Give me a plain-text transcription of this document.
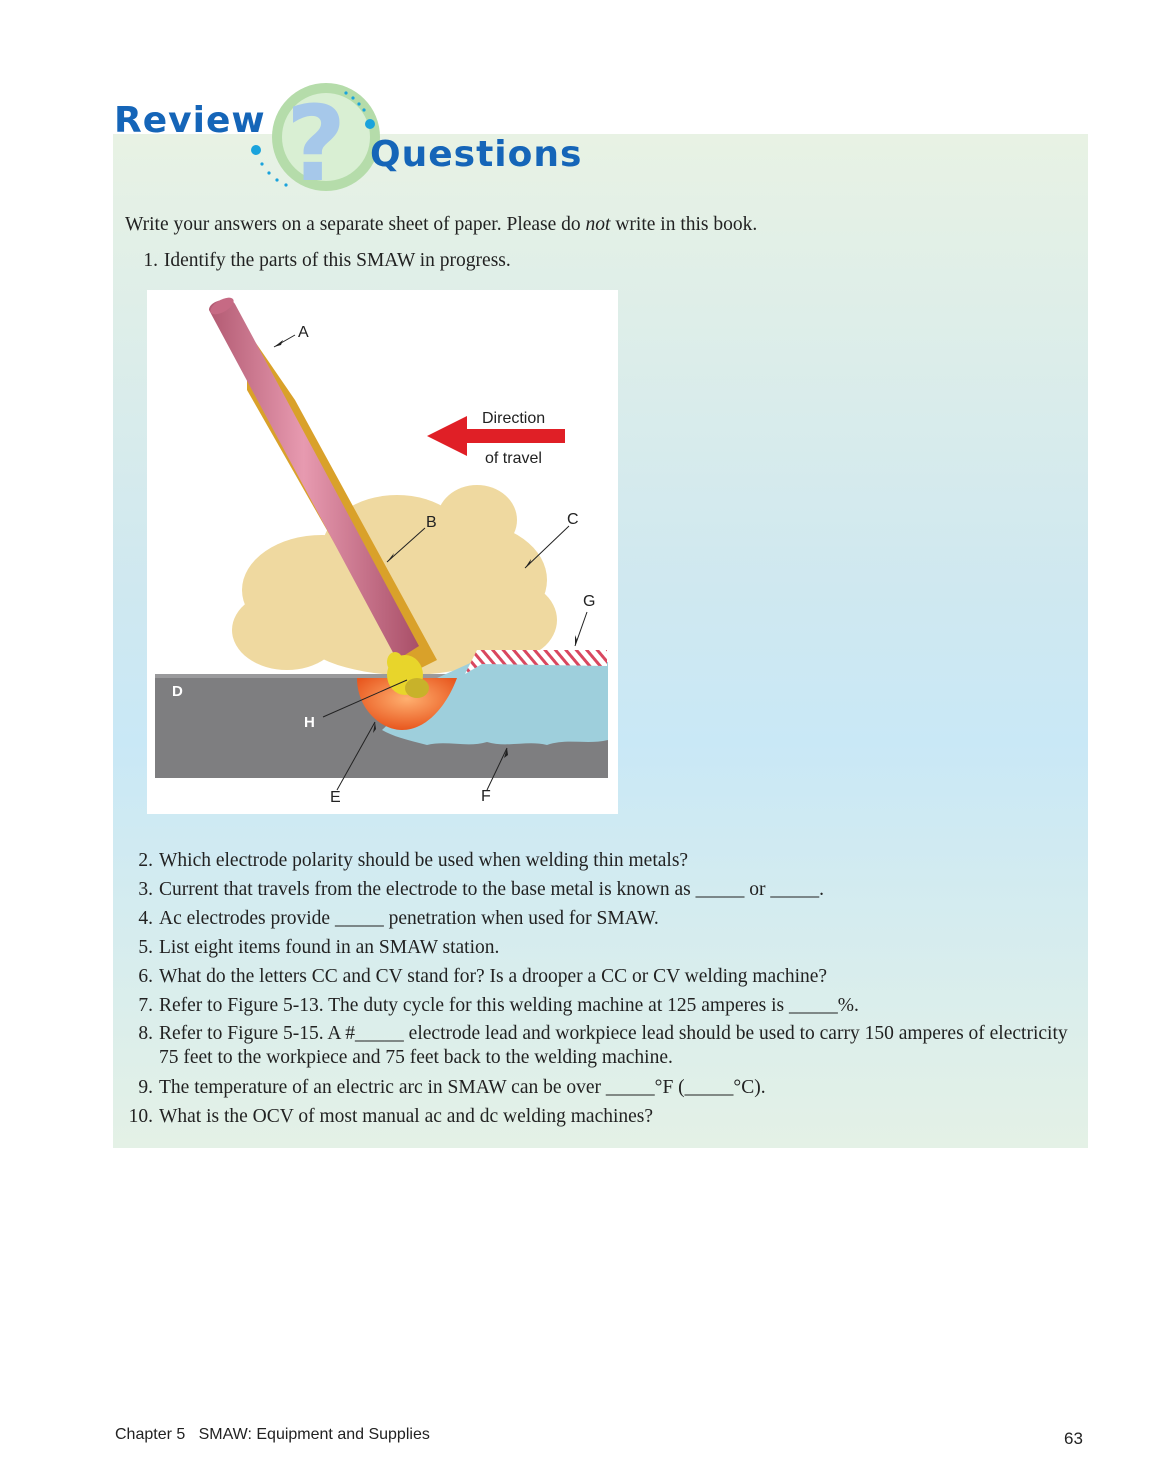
?
Review
Questions
Write your answers on a separate sheet of paper. Please do not write in this book.
1. Identify the parts of this SMAW in progress.
A
B	C
G
D
H
E	F
Direction
of travel
2. Which electrode polarity should be used when welding thin metals?
3. Current that travels from the electrode to the base metal is known as _____ or _____.
4. Ac electrodes provide _____ penetration when used for SMAW.
5. List eight items found in an SMAW station.
6. What do the letters CC and CV stand for? Is a drooper a CC or CV welding machine?
7. Refer to Figure 5-13. The duty cycle for this welding machine at 125 amperes is _____%.
8. Refer to Figure 5-15. A #_____ electrode lead and workpiece lead should be used to carry 150 amperes of electricity 75 feet to the workpiece and 75 feet back to the welding machine.
9. The temperature of an electric arc in SMAW can be over _____°F (_____°C).
10. What is the OCV of most manual ac and dc welding machines?
Chapter 5   SMAW: Equipment and Supplies	63
